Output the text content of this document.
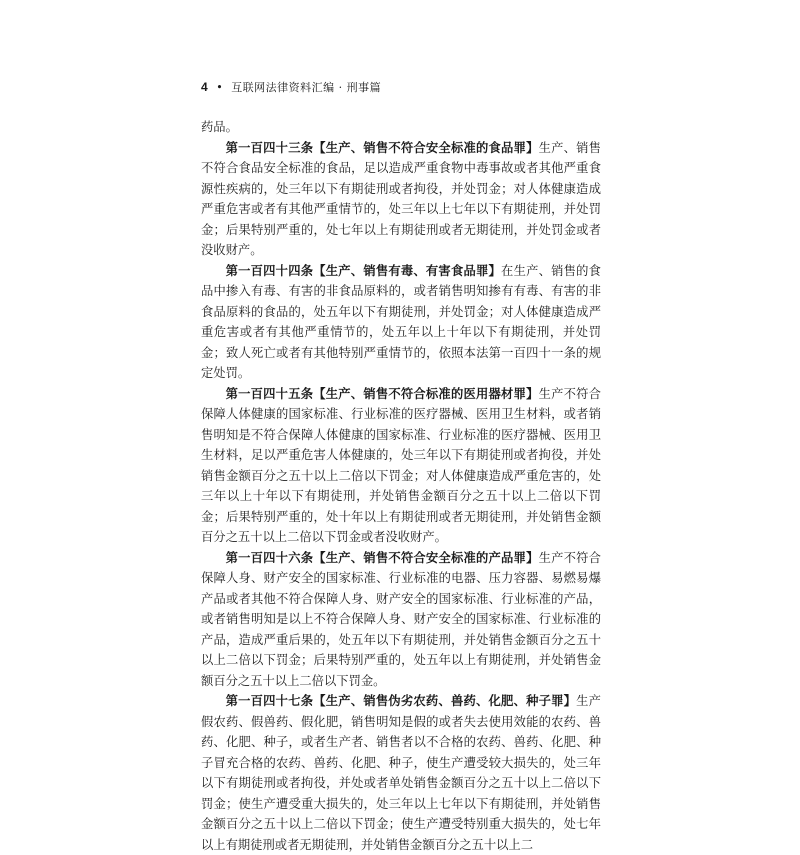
4 • 互联网法律资料汇编 · 刑事篇

药品。

第一百四十三条【生产、销售不符合安全标准的食品罪】生产、销售不符合食品安全标准的食品，足以造成严重食物中毒事故或者其他严重食源性疾病的，处三年以下有期徒刑或者拘役，并处罚金；对人体健康造成严重危害或者有其他严重情节的，处三年以上七年以下有期徒刑，并处罚金；后果特别严重的，处七年以上有期徒刑或者无期徒刑，并处罚金或者没收财产。

第一百四十四条【生产、销售有毒、有害食品罪】在生产、销售的食品中掺入有毒、有害的非食品原料的，或者销售明知掺有有毒、有害的非食品原料的食品的，处五年以下有期徒刑，并处罚金；对人体健康造成严重危害或者有其他严重情节的，处五年以上十年以下有期徒刑，并处罚金；致人死亡或者有其他特别严重情节的，依照本法第一百四十一条的规定处罚。

第一百四十五条【生产、销售不符合标准的医用器材罪】生产不符合保障人体健康的国家标准、行业标准的医疗器械、医用卫生材料，或者销售明知是不符合保障人体健康的国家标准、行业标准的医疗器械、医用卫生材料，足以严重危害人体健康的，处三年以下有期徒刑或者拘役，并处销售金额百分之五十以上二倍以下罚金；对人体健康造成严重危害的，处三年以上十年以下有期徒刑，并处销售金额百分之五十以上二倍以下罚金；后果特别严重的，处十年以上有期徒刑或者无期徒刑，并处销售金额百分之五十以上二倍以下罚金或者没收财产。

第一百四十六条【生产、销售不符合安全标准的产品罪】生产不符合保障人身、财产安全的国家标准、行业标准的电器、压力容器、易燃易爆产品或者其他不符合保障人身、财产安全的国家标准、行业标准的产品，或者销售明知是以上不符合保障人身、财产安全的国家标准、行业标准的产品，造成严重后果的，处五年以下有期徒刑，并处销售金额百分之五十以上二倍以下罚金；后果特别严重的，处五年以上有期徒刑，并处销售金额百分之五十以上二倍以下罚金。

第一百四十七条【生产、销售伪劣农药、兽药、化肥、种子罪】生产假农药、假兽药、假化肥，销售明知是假的或者失去使用效能的农药、兽药、化肥、种子，或者生产者、销售者以不合格的农药、兽药、化肥、种子冒充合格的农药、兽药、化肥、种子，使生产遭受较大损失的，处三年以下有期徒刑或者拘役，并处或者单处销售金额百分之五十以上二倍以下罚金；使生产遭受重大损失的，处三年以上七年以下有期徒刑，并处销售金额百分之五十以上二倍以下罚金；使生产遭受特别重大损失的，处七年以上有期徒刑或者无期徒刑，并处销售金额百分之五十以上二
